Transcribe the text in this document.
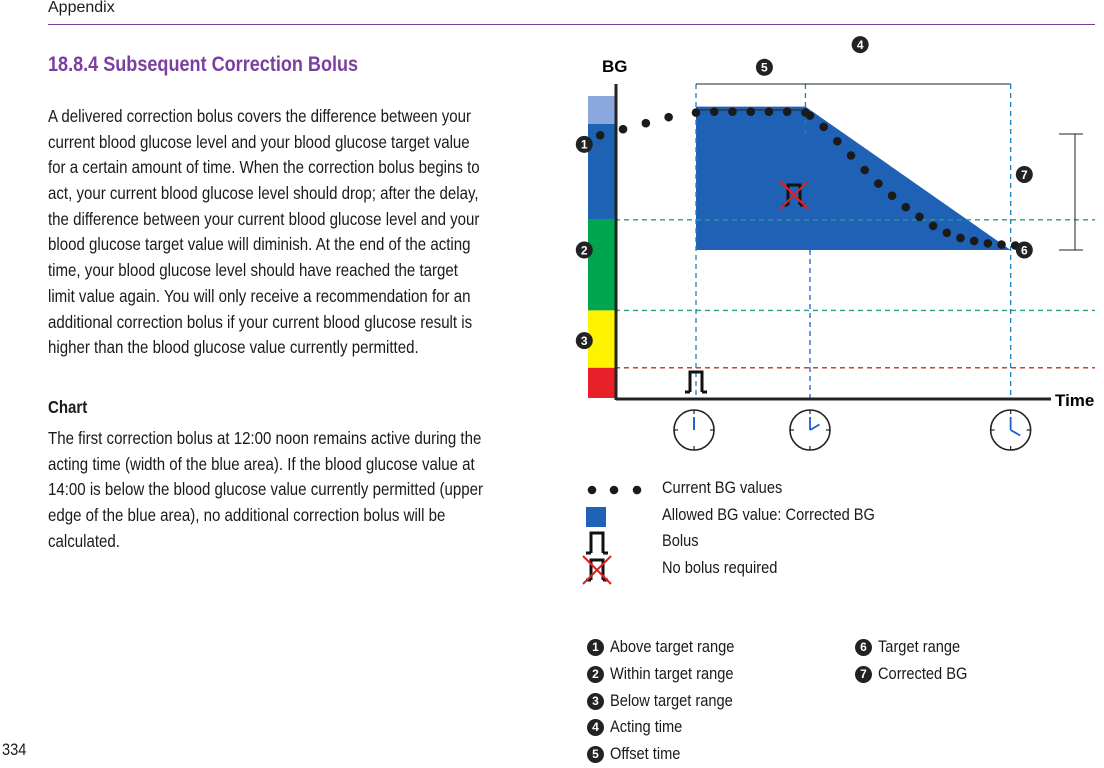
Appendix
18.8.4 Subsequent Correction Bolus
A delivered correction bolus covers the difference between your
current blood glucose level and your blood glucose target value
for a certain amount of time. When the correction bolus begins to
act, your current blood glucose level should drop; after the delay,
the difference between your current blood glucose level and your
blood glucose target value will diminish. At the end of the acting
time, your blood glucose level should have reached the target
limit value again. You will only receive a recommendation for an
additional correction bolus if your current blood glucose result is
higher than the blood glucose value currently permitted.
Chart
The first correction bolus at 12:00 noon remains active during the
acting time (width of the blue area). If the blood glucose value at
14:00 is below the blood glucose value currently permitted (upper
edge of the blue area), no additional correction bolus will be
calculated.
334
1
2
3
4
5
6
7
BG
Time
Current BG values
Allowed BG value: Corrected BG
Bolus
No bolus required
1 Above target range
2 Within target range
3 Below target range
4 Acting time
5 Offset time
6 Target range
7 Corrected BG
